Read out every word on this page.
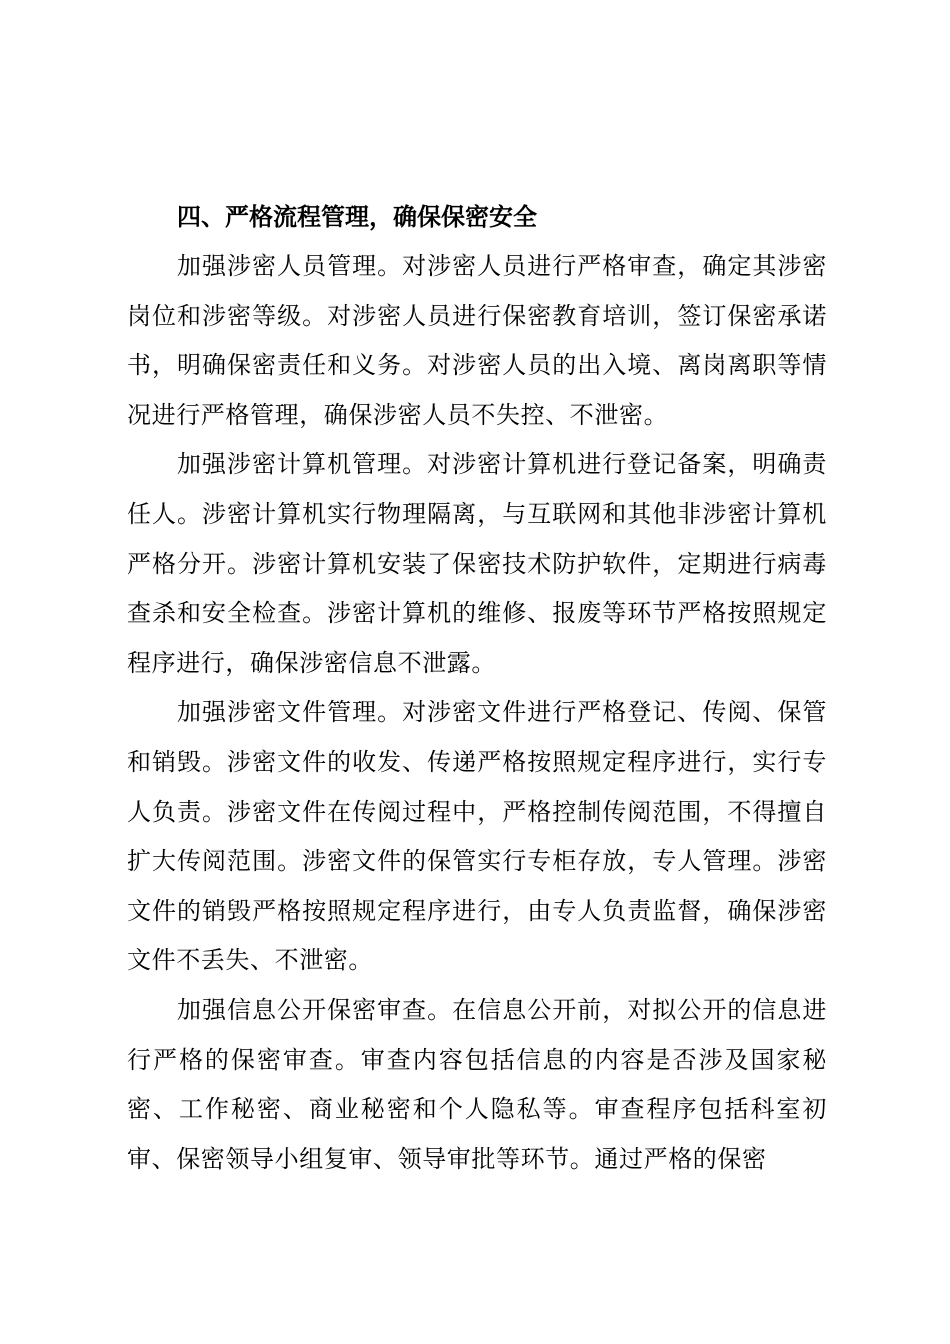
四、严格流程管理，确保保密安全

加强涉密人员管理。对涉密人员进行严格审查，确定其涉密岗位和涉密等级。对涉密人员进行保密教育培训，签订保密承诺书，明确保密责任和义务。对涉密人员的出入境、离岗离职等情况进行严格管理，确保涉密人员不失控、不泄密。

加强涉密计算机管理。对涉密计算机进行登记备案，明确责任人。涉密计算机实行物理隔离，与互联网和其他非涉密计算机严格分开。涉密计算机安装了保密技术防护软件，定期进行病毒查杀和安全检查。涉密计算机的维修、报废等环节严格按照规定程序进行，确保涉密信息不泄露。

加强涉密文件管理。对涉密文件进行严格登记、传阅、保管和销毁。涉密文件的收发、传递严格按照规定程序进行，实行专人负责。涉密文件在传阅过程中，严格控制传阅范围，不得擅自扩大传阅范围。涉密文件的保管实行专柜存放，专人管理。涉密文件的销毁严格按照规定程序进行，由专人负责监督，确保涉密文件不丢失、不泄密。

加强信息公开保密审查。在信息公开前，对拟公开的信息进行严格的保密审查。审查内容包括信息的内容是否涉及国家秘密、工作秘密、商业秘密和个人隐私等。审查程序包括科室初审、保密领导小组复审、领导审批等环节。通过严格的保密
